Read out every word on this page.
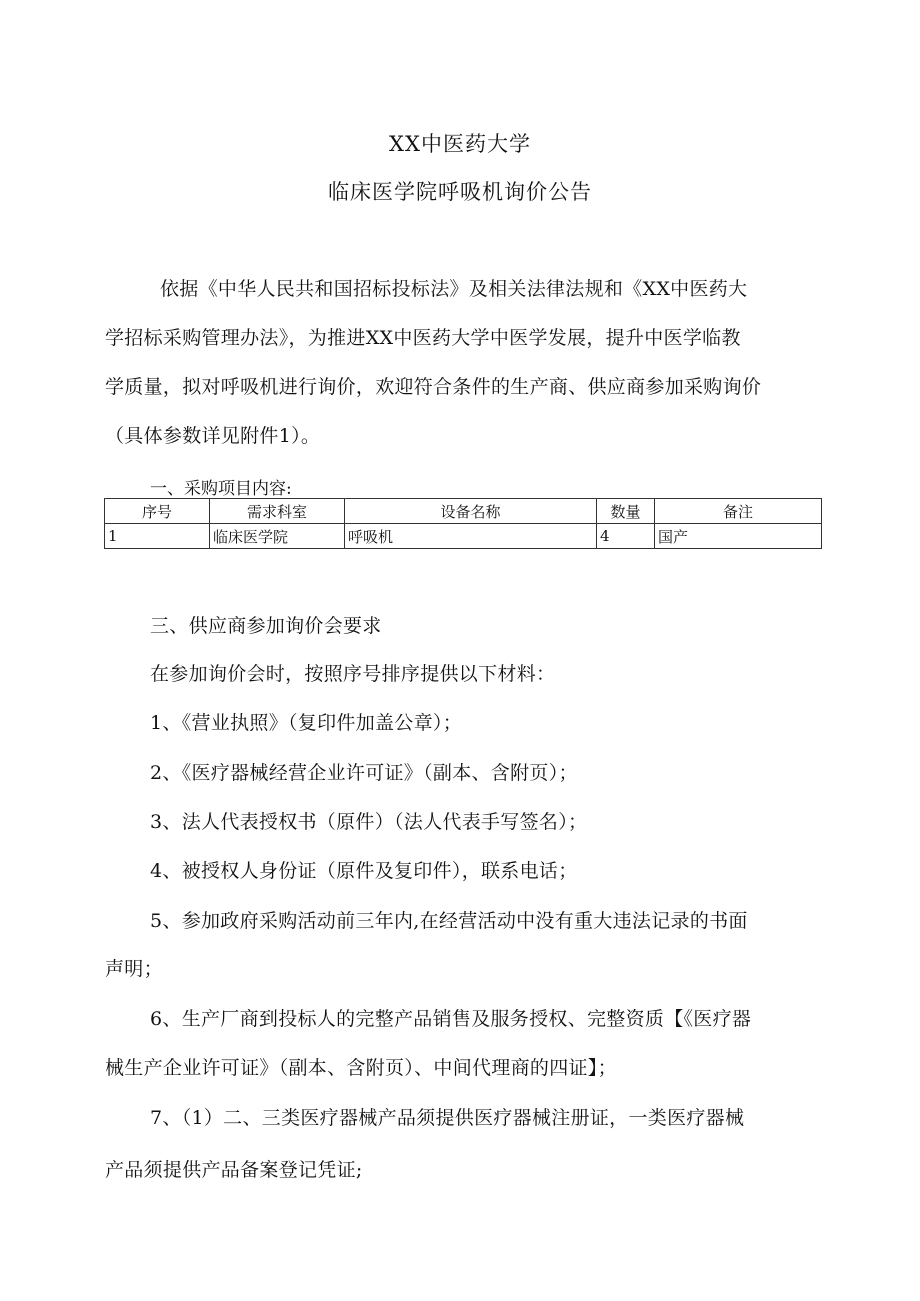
XX中医药大学
临床医学院呼吸机询价公告
依据《中华人民共和国招标投标法》及相关法律法规和《XX中医药大
学招标采购管理办法》，为推进XX中医药大学中医学发展，提升中医学临教
学质量，拟对呼吸机进行询价，欢迎符合条件的生产商、供应商参加采购询价
（具体参数详见附件1）。
一、采购项目内容:
序号	需求科室	设备名称	数量	备注
1	临床医学院	呼吸机	4	国产
三、供应商参加询价会要求
在参加询价会时，按照序号排序提供以下材料：
1、《营业执照》（复印件加盖公章）；
2、《医疗器械经营企业许可证》（副本、含附页）；
3、法人代表授权书（原件）（法人代表手写签名）；
4、被授权人身份证（原件及复印件），联系电话；
5、参加政府采购活动前三年内,在经营活动中没有重大违法记录的书面
声明；
6、生产厂商到投标人的完整产品销售及服务授权、完整资质【《医疗器
械生产企业许可证》（副本、含附页）、中间代理商的四证】；
7、（1）二、三类医疗器械产品须提供医疗器械注册证，一类医疗器械
产品须提供产品备案登记凭证;
